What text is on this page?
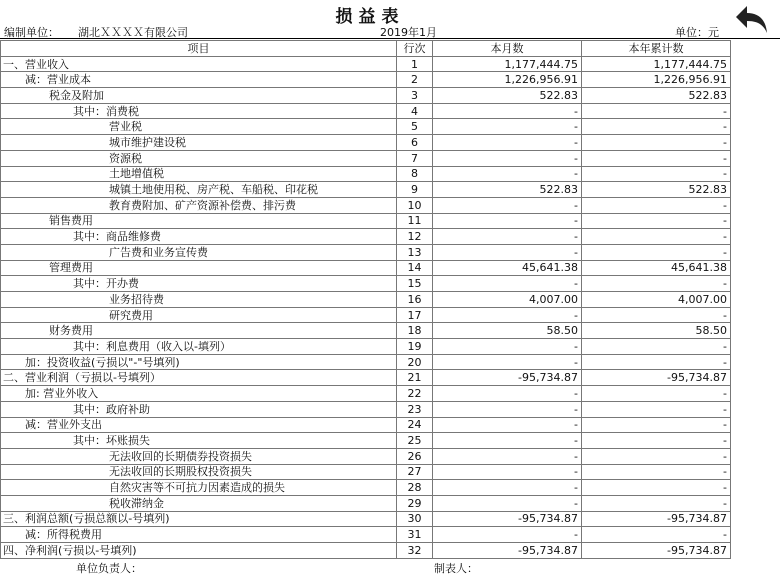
损益表
编制单位： 湖北ＸＸＸＸ有限公司	2019年1月	单位：元
项目	行次	本月数	本年累计数
一、营业收入	1	1,177,444.75	1,177,444.75
减：营业成本	2	1,226,956.91	1,226,956.91
税金及附加	3	522.83	522.83
其中：消费税	4	-	-
营业税	5	-	-
城市维护建设税	6	-	-
资源税	7	-	-
土地增值税	8	-	-
城镇土地使用税、房产税、车船税、印花税	9	522.83	522.83
教育费附加、矿产资源补偿费、排污费	10	-	-
销售费用	11	-	-
其中：商品维修费	12	-	-
广告费和业务宣传费	13	-	-
管理费用	14	45,641.38	45,641.38
其中：开办费	15	-	-
业务招待费	16	4,007.00	4,007.00
研究费用	17	-	-
财务费用	18	58.50	58.50
其中：利息费用（收入以-填列）	19	-	-
加：投资收益(亏损以"-"号填列)	20	-	-
二、营业利润（亏损以-号填列）	21	-95,734.87	-95,734.87
加: 营业外收入	22	-	-
其中：政府补助	23	-	-
减：营业外支出	24	-	-
其中：坏账损失	25	-	-
无法收回的长期债券投资损失	26	-	-
无法收回的长期股权投资损失	27	-	-
自然灾害等不可抗力因素造成的损失	28	-	-
税收滞纳金	29	-	-
三、利润总额(亏损总额以-号填列)	30	-95,734.87	-95,734.87
减：所得税费用	31	-	-
四、净利润(亏损以-号填列)	32	-95,734.87	-95,734.87
单位负责人：	制表人：
